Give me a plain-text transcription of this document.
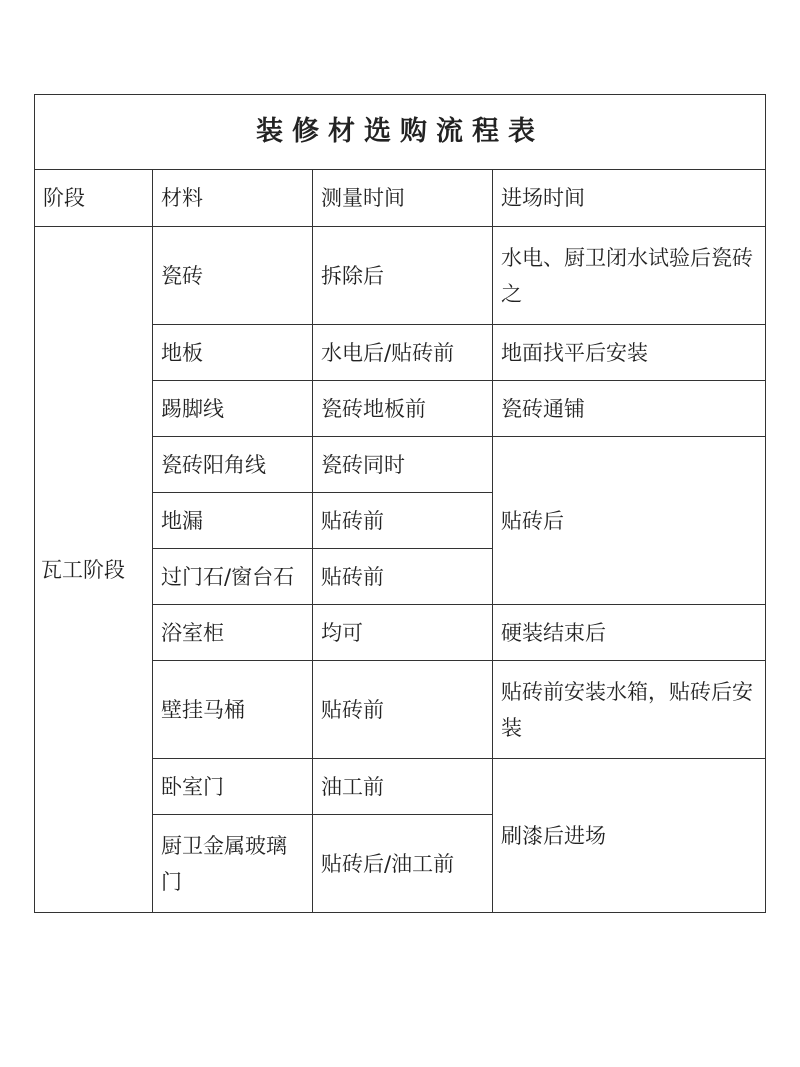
装修材选购流程表			
阶段	材料	测量时间	进场时间
瓦工阶段	瓷砖	拆除后	水电、厨卫闭水试验后瓷砖之
	地板	水电后/贴砖前	地面找平后安装
	踢脚线	瓷砖地板前	瓷砖通铺
	瓷砖阳角线	瓷砖同时	贴砖后
	地漏	贴砖前	
	过门石/窗台石	贴砖前	
	浴室柜	均可	硬装结束后
	壁挂马桶	贴砖前	贴砖前安装水箱，贴砖后安装
	卧室门	油工前	刷漆后进场
	厨卫金属玻璃门	贴砖后/油工前	
